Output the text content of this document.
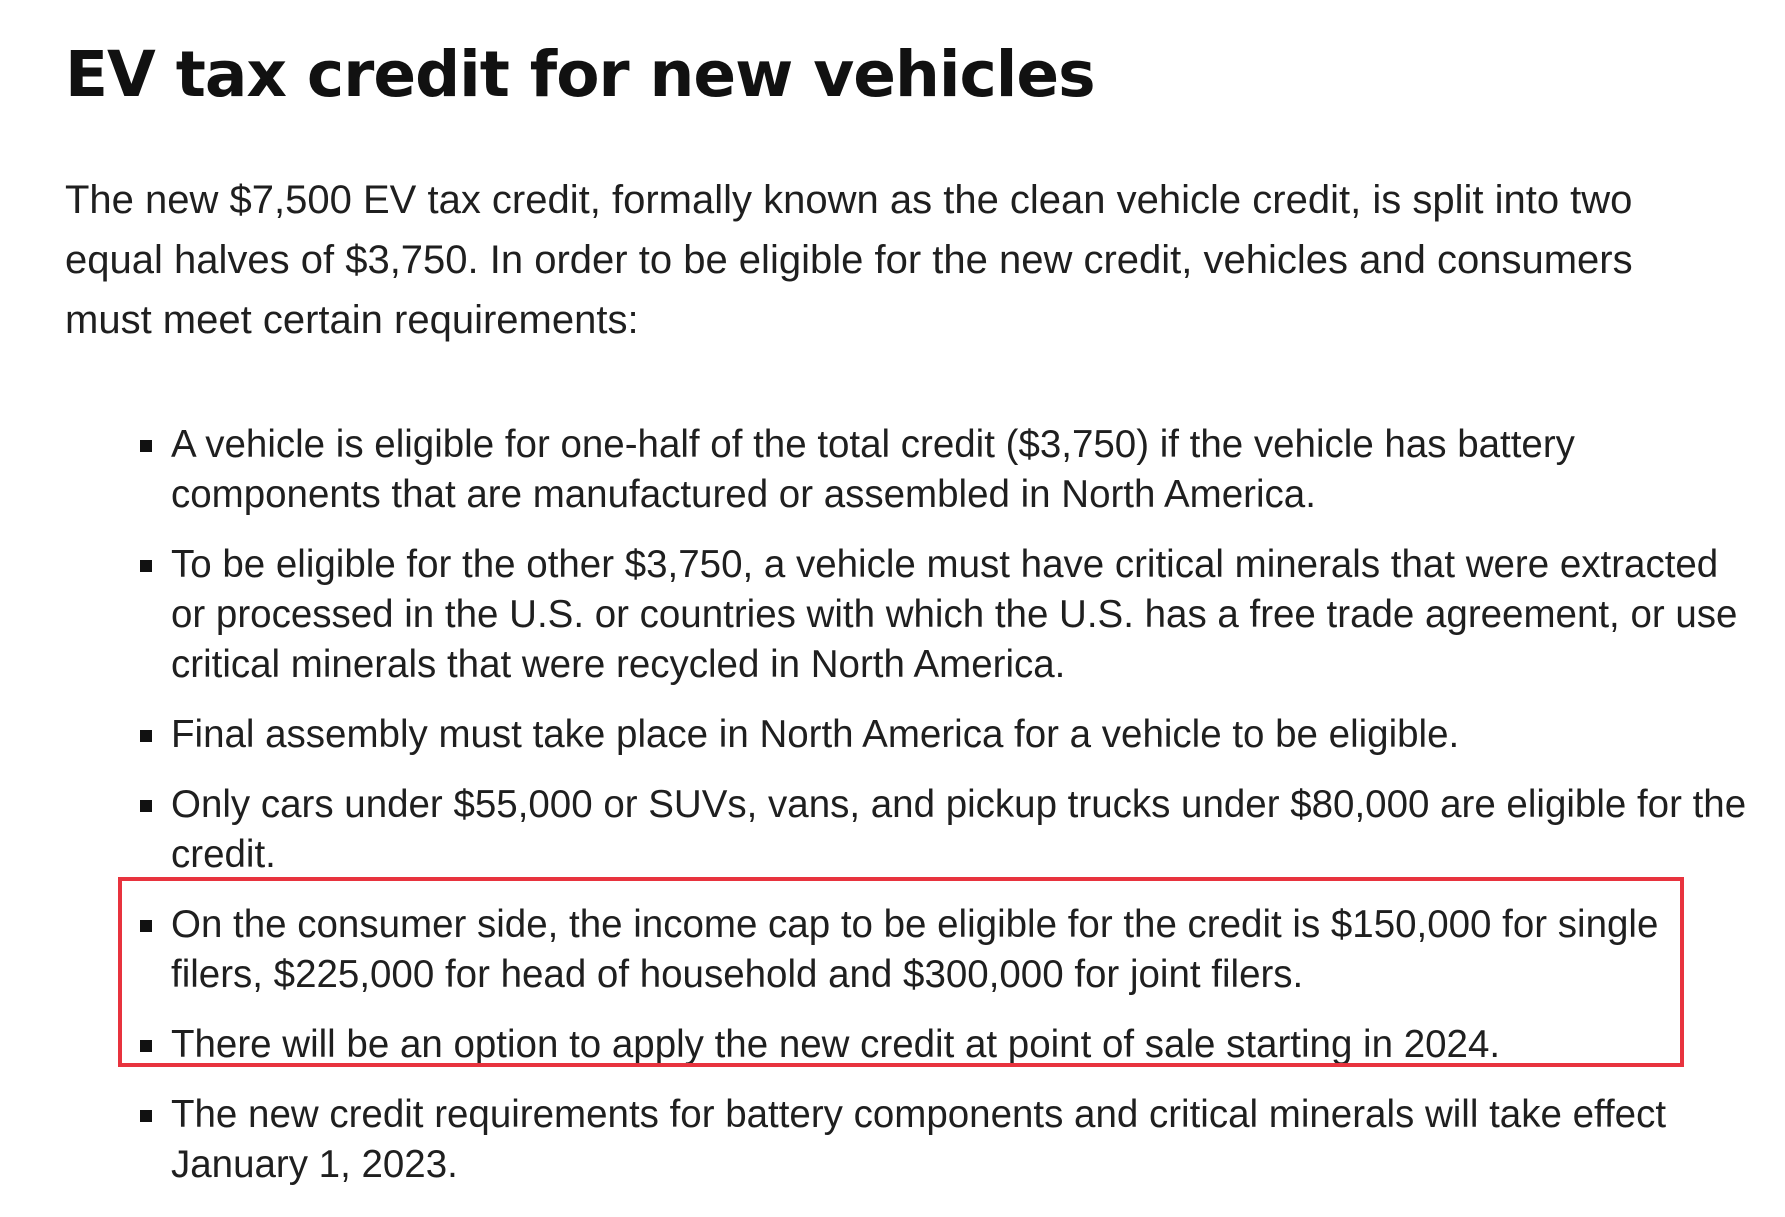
EV tax credit for new vehicles

The new $7,500 EV tax credit, formally known as the clean vehicle credit, is split into two equal halves of $3,750. In order to be eligible for the new credit, vehicles and consumers must meet certain requirements:

A vehicle is eligible for one-half of the total credit ($3,750) if the vehicle has battery components that are manufactured or assembled in North America.
To be eligible for the other $3,750, a vehicle must have critical minerals that were extracted or processed in the U.S. or countries with which the U.S. has a free trade agreement, or use critical minerals that were recycled in North America.
Final assembly must take place in North America for a vehicle to be eligible.
Only cars under $55,000 or SUVs, vans, and pickup trucks under $80,000 are eligible for the credit.
On the consumer side, the income cap to be eligible for the credit is $150,000 for single filers, $225,000 for head of household and $300,000 for joint filers.
There will be an option to apply the new credit at point of sale starting in 2024.
The new credit requirements for battery components and critical minerals will take effect January 1, 2023.
